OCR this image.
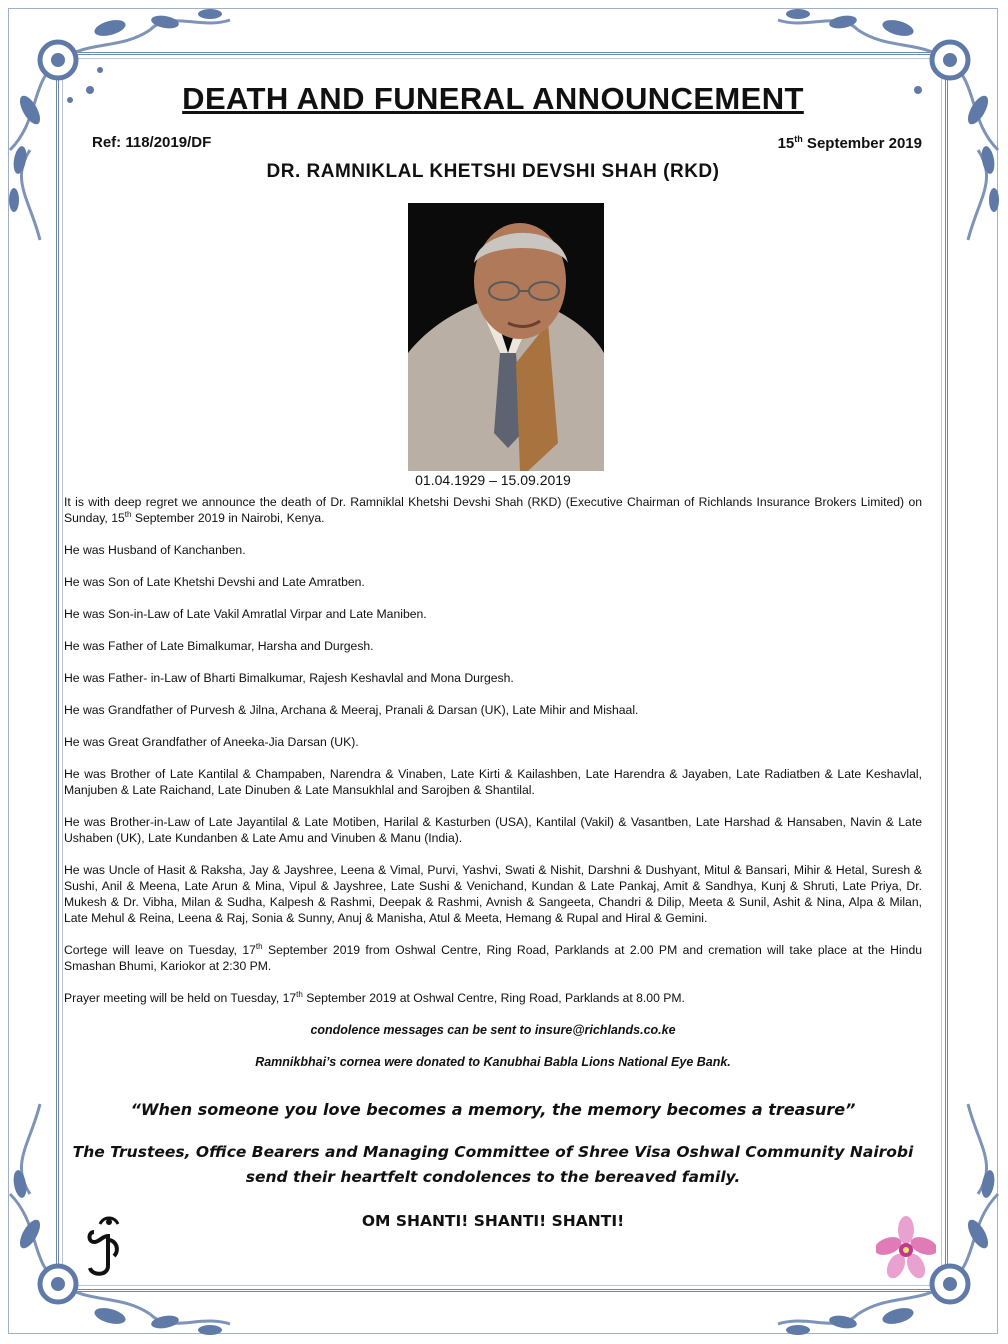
DEATH AND FUNERAL ANNOUNCEMENT
Ref: 118/2019/DF	15th September 2019
DR. RAMNIKLAL KHETSHI DEVSHI SHAH (RKD)
01.04.1929 – 15.09.2019

It is with deep regret we announce the death of Dr. Ramniklal Khetshi Devshi Shah (RKD) (Executive Chairman of Richlands Insurance Brokers Limited) on Sunday, 15th September 2019 in Nairobi, Kenya.

He was Husband of Kanchanben.

He was Son of Late Khetshi Devshi and Late Amratben.

He was Son-in-Law of Late Vakil Amratlal Virpar and Late Maniben.

He was Father of Late Bimalkumar, Harsha and Durgesh.

He was Father- in-Law of Bharti Bimalkumar, Rajesh Keshavlal and Mona Durgesh.

He was Grandfather of Purvesh & Jilna, Archana & Meeraj, Pranali & Darsan (UK), Late Mihir and Mishaal.

He was Great Grandfather of Aneeka-Jia Darsan (UK).

He was Brother of Late Kantilal & Champaben, Narendra & Vinaben, Late Kirti & Kailashben, Late Harendra & Jayaben, Late Radiatben & Late Keshavlal, Manjuben & Late Raichand, Late Dinuben & Late Mansukhlal and Sarojben & Shantilal.

He was Brother-in-Law of Late Jayantilal & Late Motiben, Harilal & Kasturben (USA), Kantilal (Vakil) & Vasantben, Late Harshad & Hansaben, Navin & Late Ushaben (UK), Late Kundanben & Late Amu and Vinuben & Manu (India).

He was Uncle of Hasit & Raksha, Jay & Jayshree, Leena & Vimal, Purvi, Yashvi, Swati & Nishit, Darshni & Dushyant, Mitul & Bansari, Mihir & Hetal, Suresh & Sushi, Anil & Meena, Late Arun & Mina, Vipul & Jayshree, Late Sushi & Venichand, Kundan & Late Pankaj, Amit & Sandhya, Kunj & Shruti, Late Priya, Dr. Mukesh & Dr. Vibha, Milan & Sudha, Kalpesh & Rashmi, Deepak & Rashmi, Avnish & Sangeeta, Chandri & Dilip, Meeta & Sunil, Ashit & Nina, Alpa & Milan, Late Mehul & Reina, Leena & Raj, Sonia & Sunny, Anuj & Manisha, Atul & Meeta, Hemang & Rupal and Hiral & Gemini.

Cortege will leave on Tuesday, 17th September 2019 from Oshwal Centre, Ring Road, Parklands at 2.00 PM and cremation will take place at the Hindu Smashan Bhumi, Kariokor at 2:30 PM.

Prayer meeting will be held on Tuesday, 17th September 2019 at Oshwal Centre, Ring Road, Parklands at 8.00 PM.

condolence messages can be sent to insure@richlands.co.ke

Ramnikbhai’s cornea were donated to Kanubhai Babla Lions National Eye Bank.

“When someone you love becomes a memory, the memory becomes a treasure”
The Trustees, Office Bearers and Managing Committee of Shree Visa Oshwal Community Nairobi
send their heartfelt condolences to the bereaved family.
OM SHANTI! SHANTI! SHANTI!
